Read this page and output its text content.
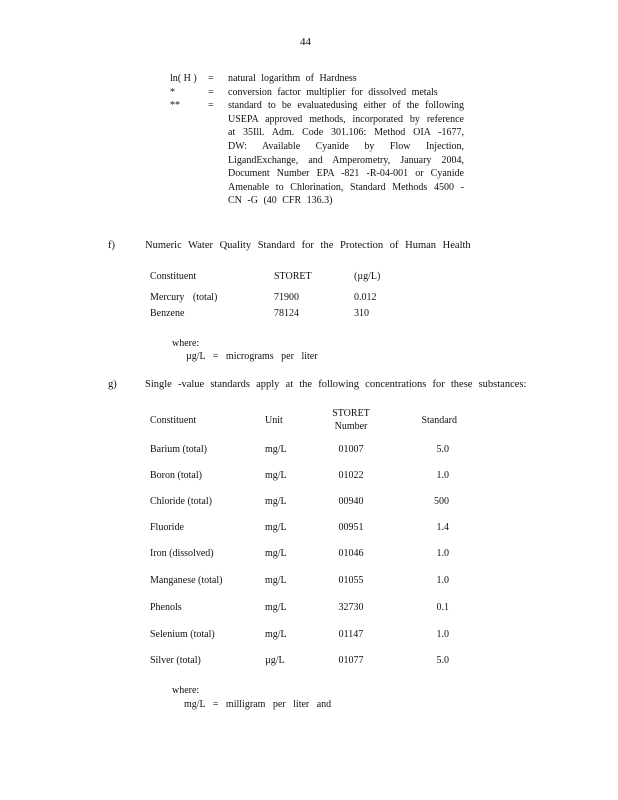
44
ln( H )	=	natural logarithm of Hardness
*	=	conversion factor multiplier for dissolved metals
**	=	standard to be evaluatedusing either of the following USEPA approved methods, incorporated by reference at 35Ill. Adm. Code 301.106: Method OIA -1677, DW: Available Cyanide by Flow Injection, LigandExchange, and Amperometry, January 2004, Document Number EPA -821 -R-04-001 or Cyanide Amenable to Chlorination, Standard Methods 4500 -CN -G (40 CFR 136.3)
f)	Numeric Water Quality Standard for the Protection of Human Health
Constituent	STORET	(µg/L)

Mercury (total)	71900	0.012
Benzene	78124	310
where:
µg/L = micrograms per liter
g)	Single -value standards apply at the following concentrations for these substances:
Constituent	Unit	STORET Number	Standard
Barium (total)	mg/L	01007	5.0
Boron (total)	mg/L	01022	1.0
Chloride (total)	mg/L	00940	500
Fluoride	mg/L	00951	1.4
Iron (dissolved)	mg/L	01046	1.0
Manganese (total)	mg/L	01055	1.0
Phenols	mg/L	32730	0.1
Selenium (total)	mg/L	01147	1.0
Silver (total)	µg/L	01077	5.0
where:
mg/L = milligram per liter and
